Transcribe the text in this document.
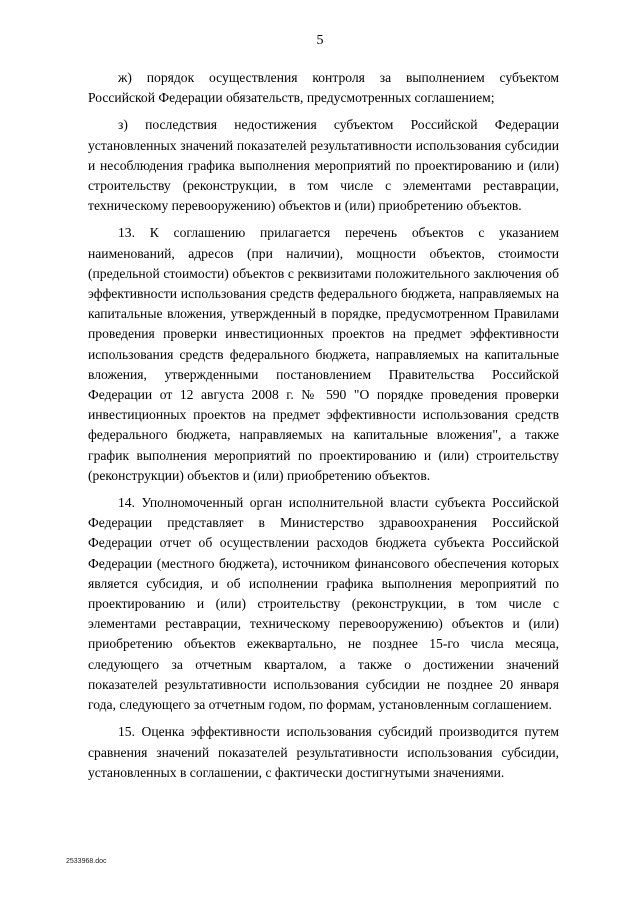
5

ж) порядок осуществления контроля за выполнением субъектом Российской Федерации обязательств, предусмотренных соглашением;

з) последствия недостижения субъектом Российской Федерации установленных значений показателей результативности использования субсидии и несоблюдения графика выполнения мероприятий по проектированию и (или) строительству (реконструкции, в том числе с элементами реставрации, техническому перевооружению) объектов и (или) приобретению объектов.

13. К соглашению прилагается перечень объектов с указанием наименований, адресов (при наличии), мощности объектов, стоимости (предельной стоимости) объектов с реквизитами положительного заключения об эффективности использования средств федерального бюджета, направляемых на капитальные вложения, утвержденный в порядке, предусмотренном Правилами проведения проверки инвестиционных проектов на предмет эффективности использования средств федерального бюджета, направляемых на капитальные вложения, утвержденными постановлением Правительства Российской Федерации от 12 августа 2008 г. № 590 "О порядке проведения проверки инвестиционных проектов на предмет эффективности использования средств федерального бюджета, направляемых на капитальные вложения", а также график выполнения мероприятий по проектированию и (или) строительству (реконструкции) объектов и (или) приобретению объектов.

14. Уполномоченный орган исполнительной власти субъекта Российской Федерации представляет в Министерство здравоохранения Российской Федерации отчет об осуществлении расходов бюджета субъекта Российской Федерации (местного бюджета), источником финансового обеспечения которых является субсидия, и об исполнении графика выполнения мероприятий по проектированию и (или) строительству (реконструкции, в том числе с элементами реставрации, техническому перевооружению) объектов и (или) приобретению объектов ежеквартально, не позднее 15-го числа месяца, следующего за отчетным кварталом, а также о достижении значений показателей результативности использования субсидии не позднее 20 января года, следующего за отчетным годом, по формам, установленным соглашением.

15. Оценка эффективности использования субсидий производится путем сравнения значений показателей результативности использования субсидии, установленных в соглашении, с фактически достигнутыми значениями.

2533968.doc
